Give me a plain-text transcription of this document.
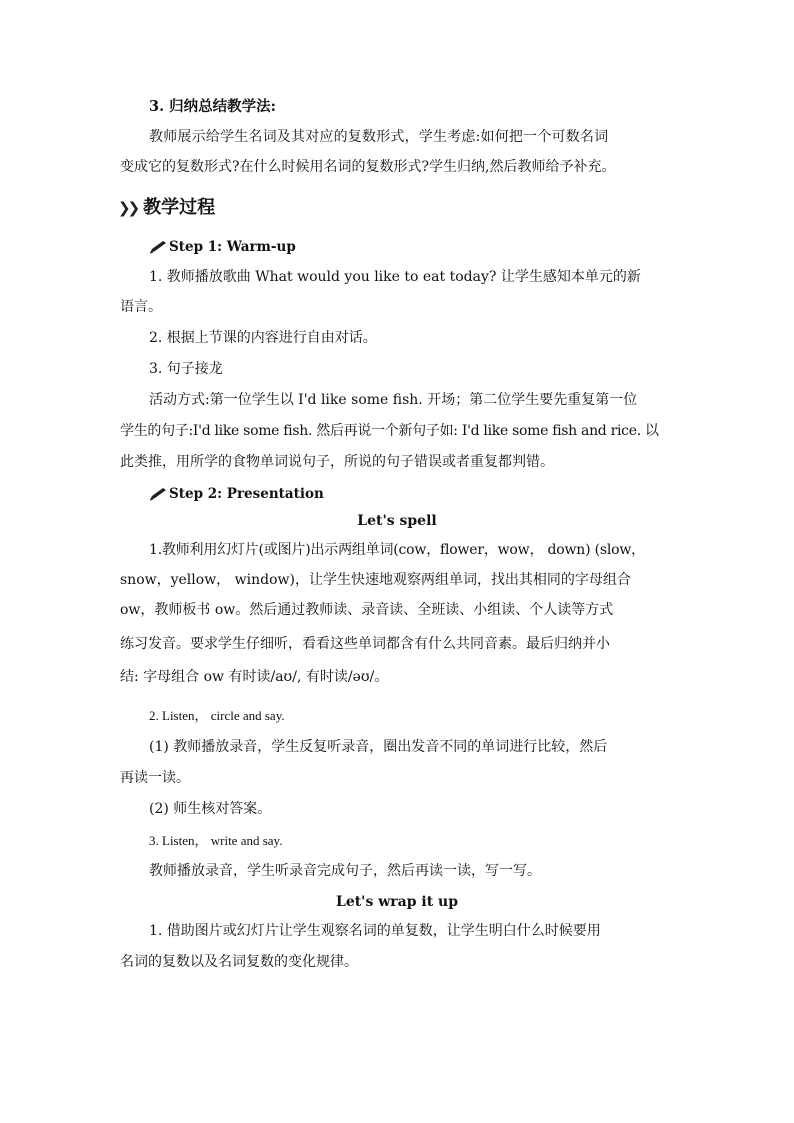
3. 归纳总结教学法:
教师展示给学生名词及其对应的复数形式，学生考虑:如何把一个可数名词
变成它的复数形式?在什么时候用名词的复数形式?学生归纳,然后教师给予补充。
❯❯ 教学过程
Step 1: Warm-up
1. 教师播放歌曲 What would you like to eat today? 让学生感知本单元的新
语言。
2. 根据上节课的内容进行自由对话。
3. 句子接龙
活动方式:第一位学生以 I'd like some fish. 开场；第二位学生要先重复第一位
学生的句子:I'd like some fish. 然后再说一个新句子如: I'd like some fish and rice. 以
此类推，用所学的食物单词说句子，所说的句子错误或者重复都判错。
Step 2: Presentation
Let's spell
1.教师利用幻灯片(或图片)出示两组单词(cow，flower，wow， down) (slow，
snow，yellow， window)，让学生快速地观察两组单词，找出其相同的字母组合
ow，教师板书 ow。然后通过教师读、录音读、全班读、小组读、个人读等方式
练习发音。要求学生仔细听，看看这些单词都含有什么共同音素。最后归纳并小
结: 字母组合 ow 有时读/aʊ/, 有时读/əʊ/。
2. Listen， circle and say.
(1) 教师播放录音，学生反复听录音，圈出发音不同的单词进行比较，然后
再读一读。
(2) 师生核对答案。
3. Listen， write and say.
教师播放录音，学生听录音完成句子，然后再读一读，写一写。
Let's wrap it up
1. 借助图片或幻灯片让学生观察名词的单复数，让学生明白什么时候要用
名词的复数以及名词复数的变化规律。
